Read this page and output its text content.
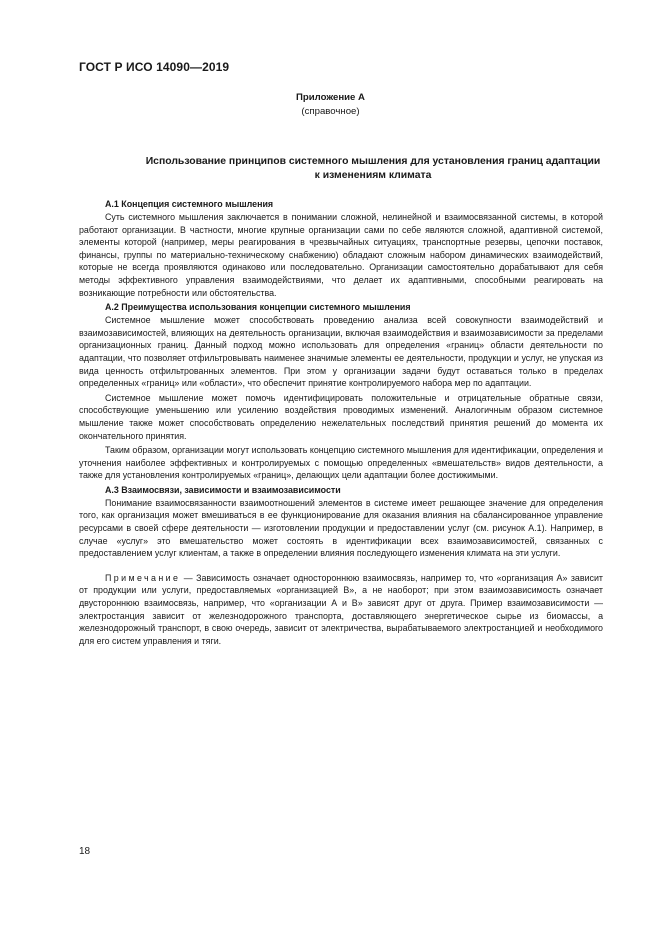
ГОСТ Р ИСО 14090—2019
Приложение А
(справочное)
Использование принципов системного мышления для установления границ адаптации
к изменениям климата

А.1 Концепция системного мышления

Суть системного мышления заключается в понимании сложной, нелинейной и взаимосвязанной системы, в которой работают организации. В частности, многие крупные организации сами по себе являются сложной, адаптивной системой, элементы которой (например, меры реагирования в чрезвычайных ситуациях, транспортные резервы, цепочки поставок, финансы, группы по материально-техническому снабжению) обладают сложным набором динамических взаимодействий, которые не всегда проявляются одинаково или последовательно. Организации самостоятельно дорабатывают для себя методы эффективного управления взаимодействиями, что делает их адаптивными, способными реагировать на возникающие потребности или обстоятельства.

А.2 Преимущества использования концепции системного мышления

Системное мышление может способствовать проведению анализа всей совокупности взаимодействий и взаимозависимостей, влияющих на деятельность организации, включая взаимодействия и взаимозависимости за пределами организационных границ. Данный подход можно использовать для определения «границ» области деятельности по адаптации, что позволяет отфильтровывать наименее значимые элементы ее деятельности, продукции и услуг, не упуская из вида ценность отфильтрованных элементов. При этом у организации задачи будут оставаться только в пределах определенных «границ» или «области», что обеспечит принятие контролируемого набора мер по адаптации.

Системное мышление может помочь идентифицировать положительные и отрицательные обратные связи, способствующие уменьшению или усилению воздействия проводимых изменений. Аналогичным образом системное мышление также может способствовать определению нежелательных последствий принятия решений до момента их окончательного принятия.

Таким образом, организации могут использовать концепцию системного мышления для идентификации, определения и уточнения наиболее эффективных и контролируемых с помощью определенных «вмешательств» видов деятельности, а также для установления контролируемых «границ», делающих цели адаптации более достижимыми.

А.3 Взаимосвязи, зависимости и взаимозависимости

Понимание взаимосвязанности взаимоотношений элементов в системе имеет решающее значение для определения того, как организация может вмешиваться в ее функционирование для оказания влияния на сбалансированное управление ресурсами в своей сфере деятельности — изготовлении продукции и предоставлении услуг (см. рисунок А.1). Например, в случае «услуг» это вмешательство может состоять в идентификации всех взаимозависимостей, связанных с предоставлением услуг клиентам, а также в определении влияния последующего изменения климата на эти услуги.

Примечание — Зависимость означает одностороннюю взаимосвязь, например то, что «организация А» зависит от продукции или услуги, предоставляемых «организацией В», а не наоборот; при этом взаимозависимость означает двустороннюю взаимосвязь, например, что «организации А и В» зависят друг от друга. Пример взаимозависимости — электростанция зависит от железнодорожного транспорта, доставляющего энергетическое сырье из биомассы, а железнодорожный транспорт, в свою очередь, зависит от электричества, вырабатываемого электростанцией и необходимого для его систем управления и тяги.

18
